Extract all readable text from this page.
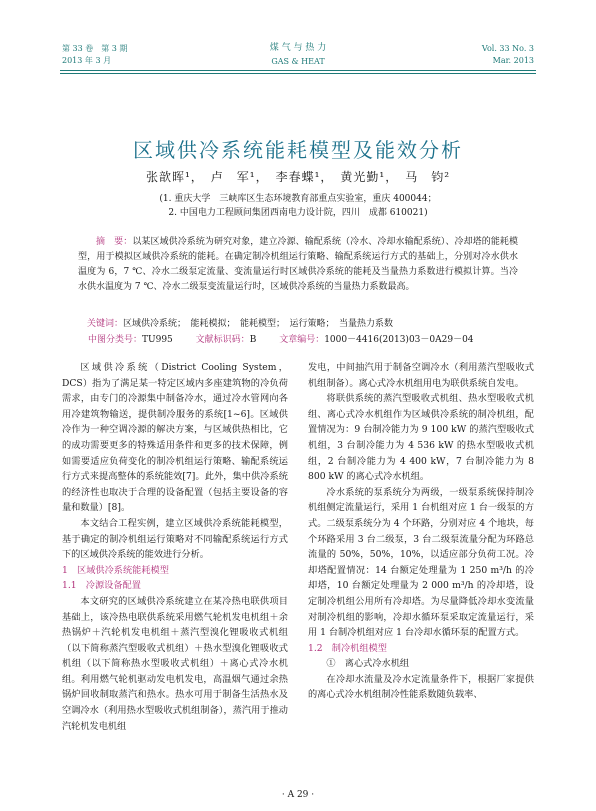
第 33 卷　第 3 期
2013 年 3 月
煤 气 与 热 力
GAS & HEAT
Vol. 33 No. 3
Mar. 2013
区域供冷系统能耗模型及能效分析
张歆晖¹，　卢　军¹，　李春蝶¹，　黄光勤¹，　马　钧²
(1. 重庆大学　三峡库区生态环境教育部重点实验室，重庆 400044；
2. 中国电力工程顾问集团西南电力设计院，四川　成都 610021)
摘　要：以某区域供冷系统为研究对象，建立冷源、输配系统（冷水、冷却水输配系统）、冷却塔的能耗模型，用于模拟区域供冷系统的能耗。在确定制冷机组运行策略、输配系统运行方式的基础上，分别对冷水供水温度为 6，7 ℃、冷水二级泵定流量、变流量运行时区域供冷系统的能耗及当量热力系数进行模拟计算。当冷水供水温度为 7 ℃、冷水二级泵变流量运行时，区域供冷系统的当量热力系数最高。
关键词：区域供冷系统；　能耗模拟；　能耗模型；　运行策略；　当量热力系数
中图分类号：TU995	文献标识码：B	文章编号：1000－4416(2013)03－0A29－04

区域供冷系统（District Cooling System，DCS）指为了满足某一特定区域内多座建筑物的冷负荷需求，由专门的冷源集中制备冷水，通过冷水管网向各用冷建筑物输送，提供制冷服务的系统[1~6]。区域供冷作为一种空调冷源的解决方案，与区域供热相比，它的成功需要更多的特殊适用条件和更多的技术保障，例如需要适应负荷变化的制冷机组运行策略、输配系统运行方式来提高整体的系统能效[7]。此外，集中供冷系统的经济性也取决于合理的设备配置（包括主要设备的容量和数量）[8]。

本文结合工程实例，建立区域供冷系统能耗模型，基于确定的制冷机组运行策略对不同输配系统运行方式下的区域供冷系统的能效进行分析。

1　区域供冷系统能耗模型

1.1　冷源设备配置

本文研究的区域供冷系统建立在某冷热电联供项目基础上，该冷热电联供系统采用燃气轮机发电机组＋余热锅炉＋汽轮机发电机组＋蒸汽型溴化锂吸收式机组（以下简称蒸汽型吸收式机组）＋热水型溴化锂吸收式机组（以下简称热水型吸收式机组）＋离心式冷水机组。利用燃气轮机驱动发电机发电，高温烟气通过余热锅炉回收制取蒸汽和热水。热水可用于制备生活热水及空调冷水（利用热水型吸收式机组制备），蒸汽用于推动汽轮机发电机组

发电，中间抽汽用于制备空调冷水（利用蒸汽型吸收式机组制备）。离心式冷水机组用电为联供系统自发电。

将联供系统的蒸汽型吸收式机组、热水型吸收式机组、离心式冷水机组作为区域供冷系统的制冷机组，配置情况为：9 台制冷能力为 9 100 kW 的蒸汽型吸收式机组，3 台制冷能力为 4 536 kW 的热水型吸收式机组，2 台制冷能力为 4 400 kW，7 台制冷能力为 8 800 kW 的离心式冷水机组。

冷水系统的泵系统分为两级，一级泵系统保持制冷机组侧定流量运行，采用 1 台机组对应 1 台一级泵的方式。二级泵系统分为 4 个环路，分别对应 4 个地块，每个环路采用 3 台二级泵，3 台二级泵流量分配为环路总流量的 50%，50%，10%，以适应部分负荷工况。冷却塔配置情况：14 台额定处理量为 1 250 m³/h 的冷却塔，10 台额定处理量为 2 000 m³/h 的冷却塔，设定制冷机组公用所有冷却塔。为尽量降低冷却水变流量对制冷机组的影响，冷却水循环泵采取定流量运行，采用 1 台制冷机组对应 1 台冷却水循环泵的配置方式。

1.2　制冷机组模型

①　离心式冷水机组

在冷却水流量及冷水定流量条件下，根据厂家提供的离心式冷水机组制冷性能系数随负载率、

· A 29 ·
